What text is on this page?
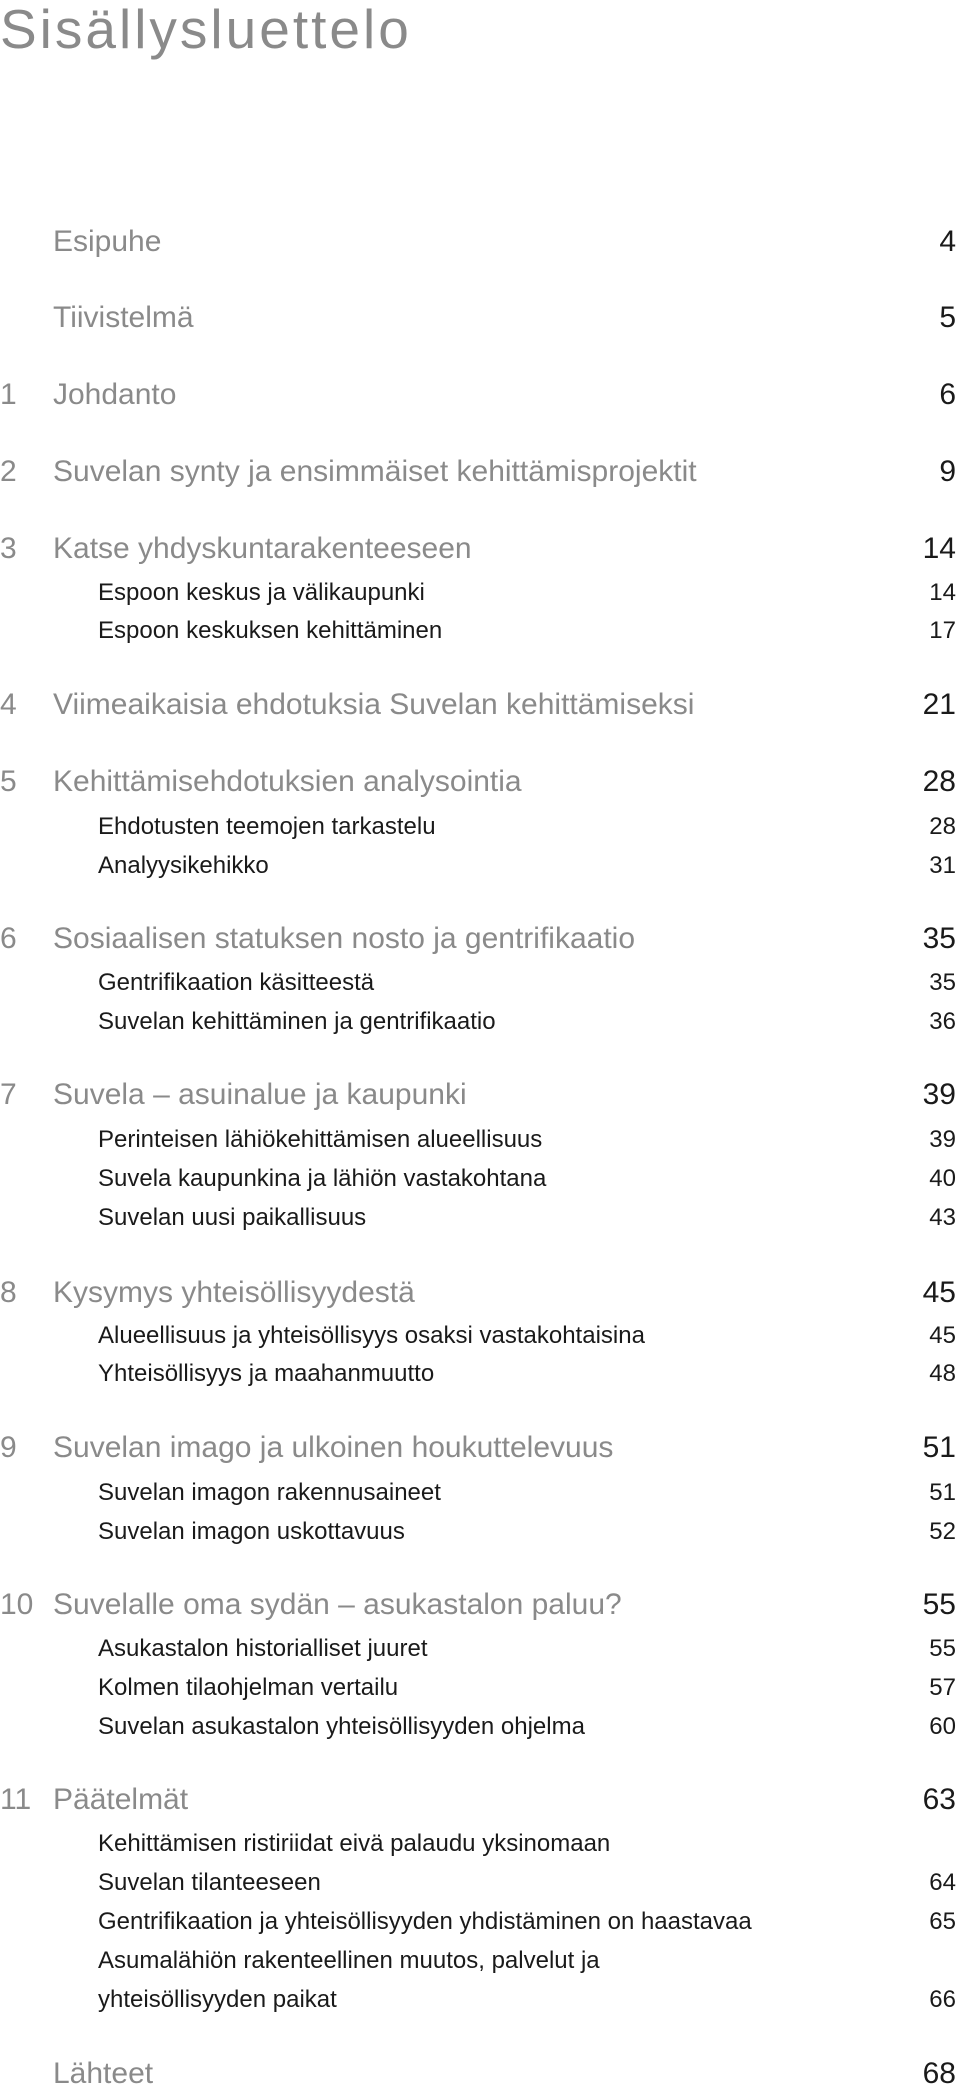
Sisällysluettelo
Esipuhe	4
Tiivistelmä	5
1 Johdanto	6
2 Suvelan synty ja ensimmäiset kehittämisprojektit	9
3 Katse yhdyskuntarakenteeseen	14
Espoon keskus ja välikaupunki	14
Espoon keskuksen kehittäminen	17
4 Viimeaikaisia ehdotuksia Suvelan kehittämiseksi	21
5 Kehittämisehdotuksien analysointia	28
Ehdotusten teemojen tarkastelu	28
Analyysikehikko	31
6 Sosiaalisen statuksen nosto ja gentrifikaatio	35
Gentrifikaation käsitteestä	35
Suvelan kehittäminen ja gentrifikaatio	36
7 Suvela – asuinalue ja kaupunki	39
Perinteisen lähiökehittämisen alueellisuus	39
Suvela kaupunkina ja lähiön vastakohtana	40
Suvelan uusi paikallisuus	43
8 Kysymys yhteisöllisyydestä	45
Alueellisuus ja yhteisöllisyys osaksi vastakohtaisina	45
Yhteisöllisyys ja maahanmuutto	48
9 Suvelan imago ja ulkoinen houkuttelevuus	51
Suvelan imagon rakennusaineet	51
Suvelan imagon uskottavuus	52
10 Suvelalle oma sydän – asukastalon paluu?	55
Asukastalon historialliset juuret	55
Kolmen tilaohjelman vertailu	57
Suvelan asukastalon yhteisöllisyyden ohjelma	60
11 Päätelmät	63
Kehittämisen ristiriidat eivä palaudu yksinomaan
Suvelan tilanteeseen	64
Gentrifikaation ja yhteisöllisyyden yhdistäminen on haastavaa	65
Asumalähiön rakenteellinen muutos, palvelut ja
yhteisöllisyyden paikat	66
Lähteet	68
